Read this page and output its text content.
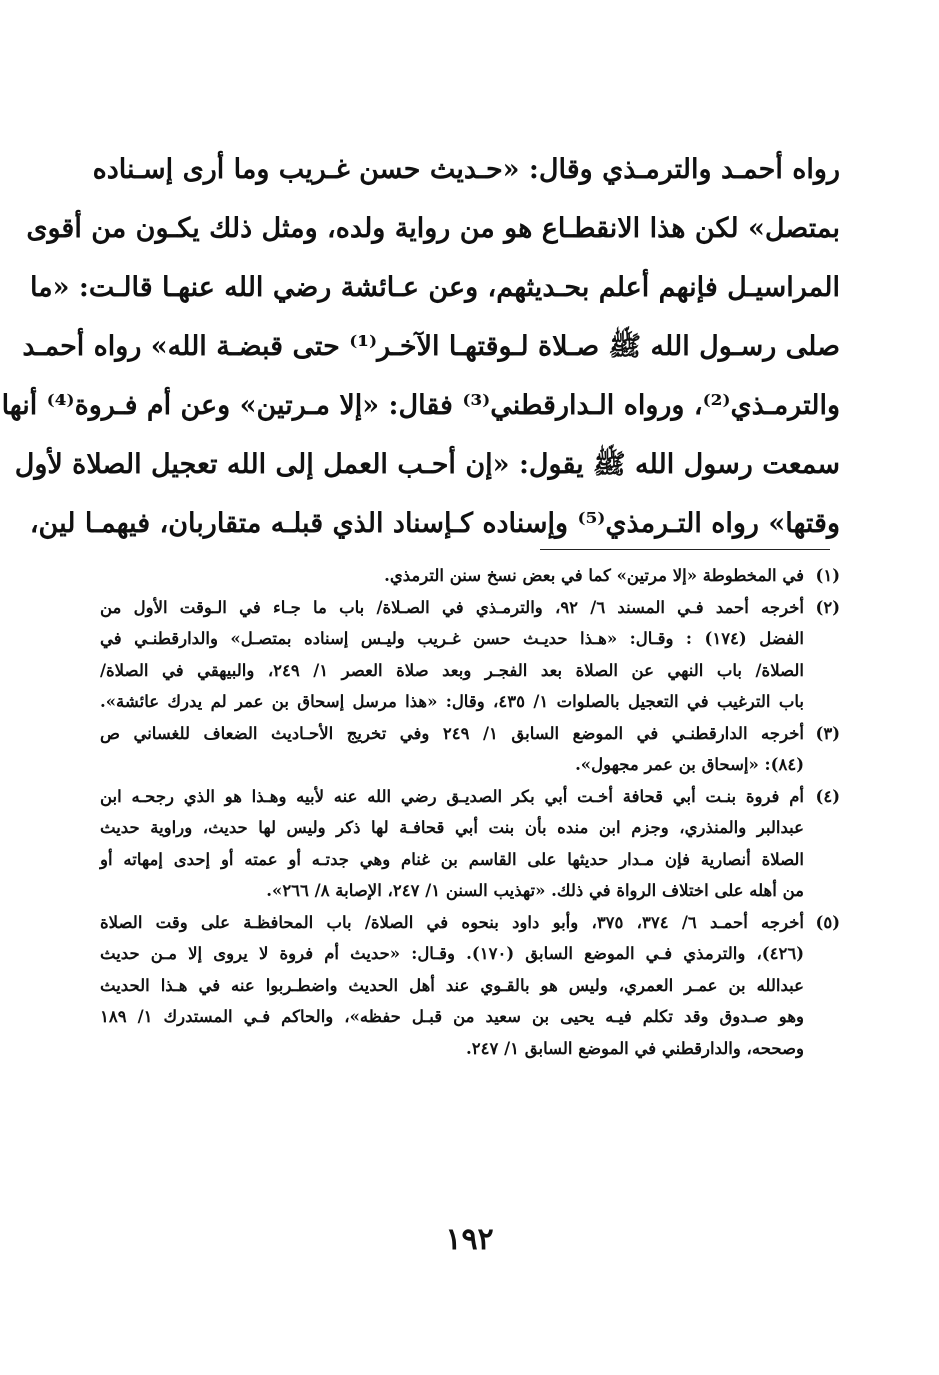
رواه أحمـد والترمـذي وقال: «حـديث حسن غـريب وما أرى إسـناده
بمتصل» لكن هذا الانقطـاع هو من رواية ولده، ومثل ذلك يكـون من أقوى
المراسيـل فإنهم أعلم بحـديثهم، وعن عـائشة رضي الله عنهـا قالـت: «ما
صلى رسـول الله ﷺ صـلاة لـوقتهـا الآخـر⁽¹⁾ حتى قبضـة الله» رواه أحمـد
والترمـذي⁽²⁾، ورواه الـدارقطني⁽³⁾ فقال: «إلا مـرتين» وعن أم فـروة⁽⁴⁾ أنها
سمعت رسول الله ﷺ يقول: «إن أحـب العمل إلى الله تعجيل الصلاة لأول
وقتها» رواه التـرمذي⁽⁵⁾ وإسناده كـإسناد الذي قبلـه متقاربان، فيهمـا لين،
(١)
في المخطوطة «إلا مرتين» كما في بعض نسخ سنن الترمذي.
(٢)
أخرجه أحمد فـي المسند ٦/ ٩٢، والترمـذي في الصـلاة/ باب ما جـاء في الـوقت الأول من
الفضل (١٧٤) : وقـال: «هـذا حديـث حسن غـريب وليـس إسناده بمتصـل» والدارقطنـي في
الصلاة/ باب النهي عن الصلاة بعد الفجـر وبعد صلاة العصر ١/ ٢٤٩، والبيهقي في الصلاة/
باب الترغيب في التعجيل بالصلوات ١/ ٤٣٥، وقال: «هذا مرسل إسحاق بن عمر لم يدرك عائشة».
(٣)
أخرجه الدارقطنـي في الموضع السابق ١/ ٢٤٩ وفي تخريج الأحـاديث الضعاف للغساني ص
(٨٤): «إسحاق بن عمر مجهول».
(٤)
أم فروة بنـت أبي قحافة أخـت أبي بكر الصديـق رضي الله عنه لأبيه وهـذا هو الذي رجحـه ابن
عبدالبر والمنذري، وجزم ابن منده بأن بنت أبي قحافـة لها ذكر وليس لها حديث، وراوية حديث
الصلاة أنصارية فإن مـدار حديثها على القاسم بن غنام وهي جدتـه أو عمته أو إحدى إمهاته أو
من أهله على اختلاف الرواة في ذلك. «تهذيب السنن ١/ ٢٤٧، الإصابة ٨/ ٢٦٦».
(٥)
أخرجه أحمـد ٦/ ٣٧٤، ٣٧٥، وأبو داود بنحوه في الصلاة/ باب المحافظـة على وقت الصلاة
(٤٢٦)، والترمذي فـي الموضع السابق (١٧٠). وقـال: «حديث أم فروة لا يروى إلا مـن حديث
عبدالله بن عمـر العمري، وليس هو بالقـوي عند أهل الحديث واضطـربوا عنه في هـذا الحديث
وهو صـدوق وقد تكلم فيـه يحيى بن سعيد من قبـل حفظه»، والحاكم فـي المستدرك ١/ ١٨٩
وصححه، والدارقطني في الموضع السابق ١/ ٢٤٧.
١٩٢
